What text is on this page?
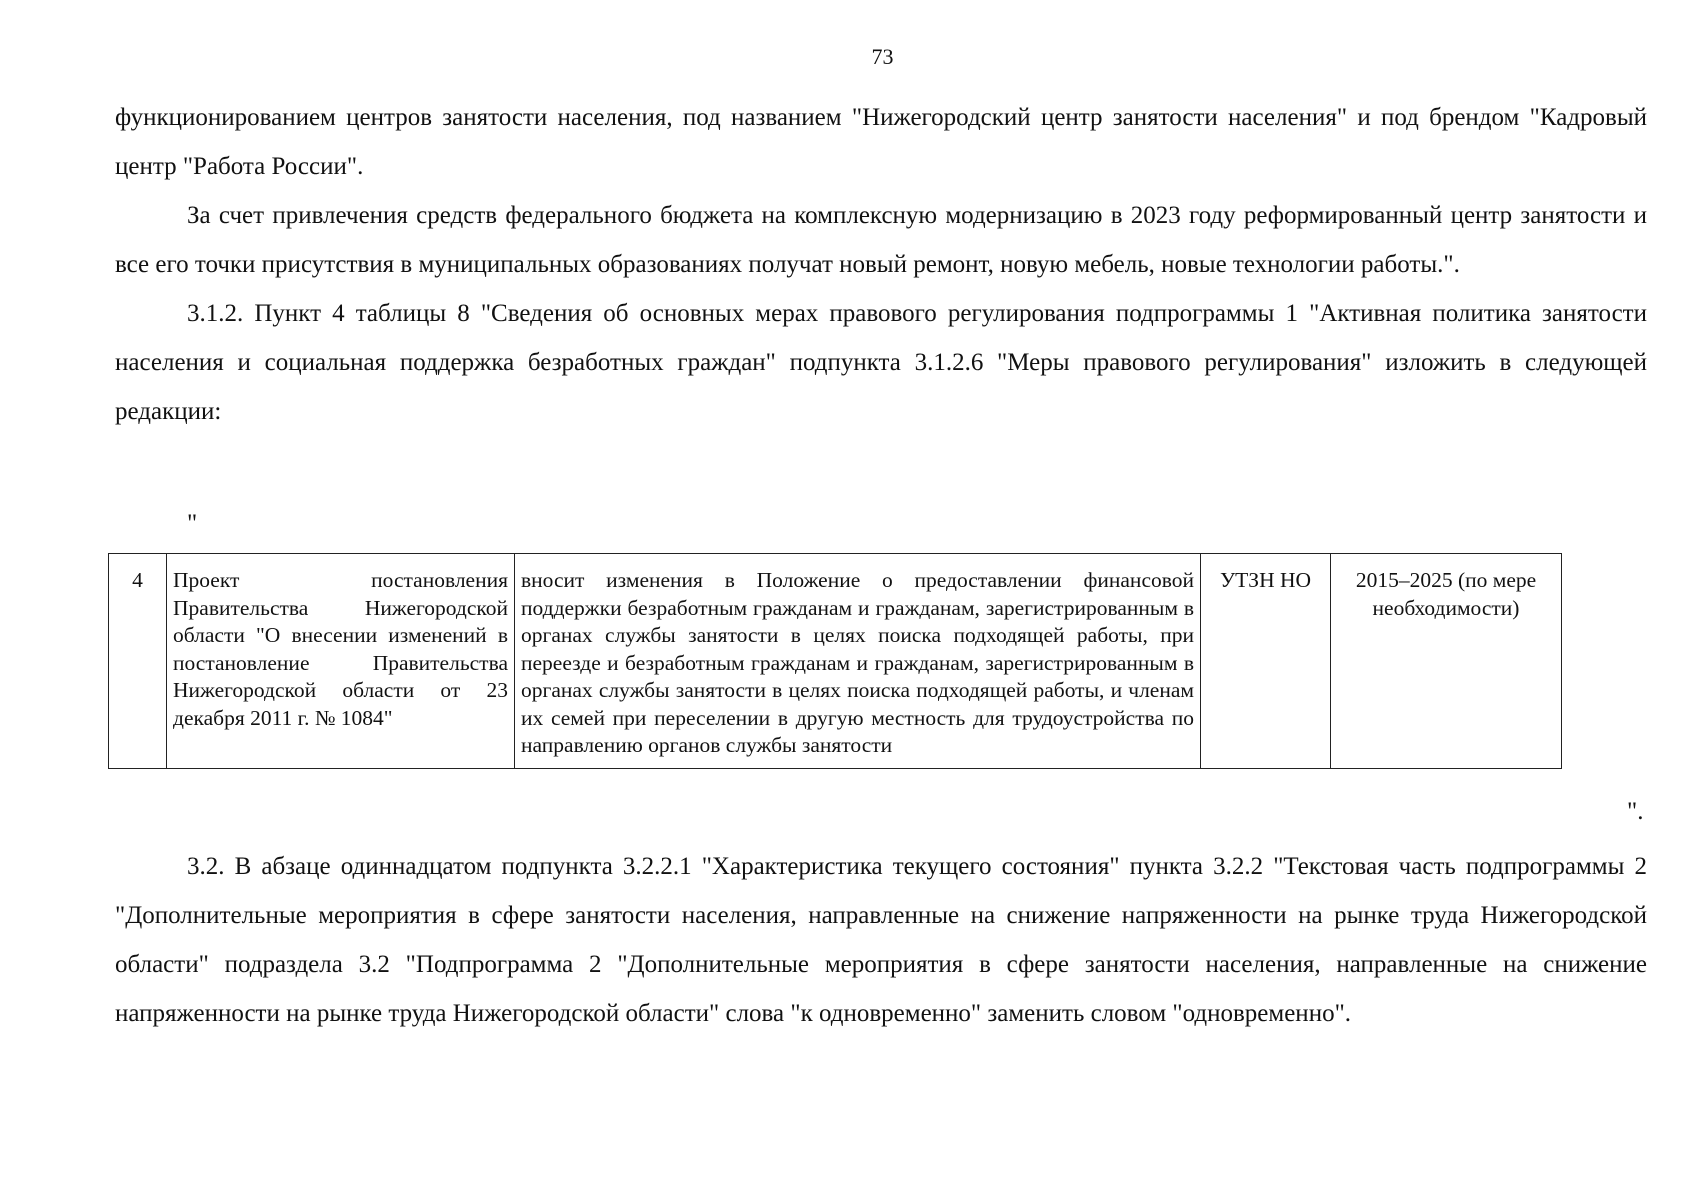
73

функционированием центров занятости населения, под названием "Нижегородский центр занятости населения" и под брендом "Кадровый центр "Работа России".

За счет привлечения средств федерального бюджета на комплексную модернизацию в 2023 году реформированный центр занятости и все его точки присутствия в муниципальных образованиях получат новый ремонт, новую мебель, новые технологии работы.".

3.1.2. Пункт 4 таблицы 8 "Сведения об основных мерах правового регулирования подпрограммы 1 "Активная политика занятости населения и социальная поддержка безработных граждан" подпункта 3.1.2.6 "Меры правового регулирования" изложить в следующей редакции:

"
4	Проект постановления Правительства Нижегородской области "О внесении изменений в постановление Правительства Нижегородской области от 23 декабря 2011 г. № 1084"	вносит изменения в Положение о предоставлении финансовой поддержки безработным гражданам и гражданам, зарегистрированным в органах службы занятости в целях поиска подходящей работы, при переезде и безработным гражданам и гражданам, зарегистрированным в органах службы занятости в целях поиска подходящей работы, и членам их семей при переселении в другую местность для трудоустройства по направлению органов службы занятости	УТЗН НО	2015–2025 (по мере необходимости)
".

3.2. В абзаце одиннадцатом подпункта 3.2.2.1 "Характеристика текущего состояния" пункта 3.2.2 "Текстовая часть подпрограммы 2 "Дополнительные мероприятия в сфере занятости населения, направленные на снижение напряженности на рынке труда Нижегородской области" подраздела 3.2 "Подпрограмма 2 "Дополнительные мероприятия в сфере занятости населения, направленные на снижение напряженности на рынке труда Нижегородской области" слова "к одновременно" заменить словом "одновременно".
